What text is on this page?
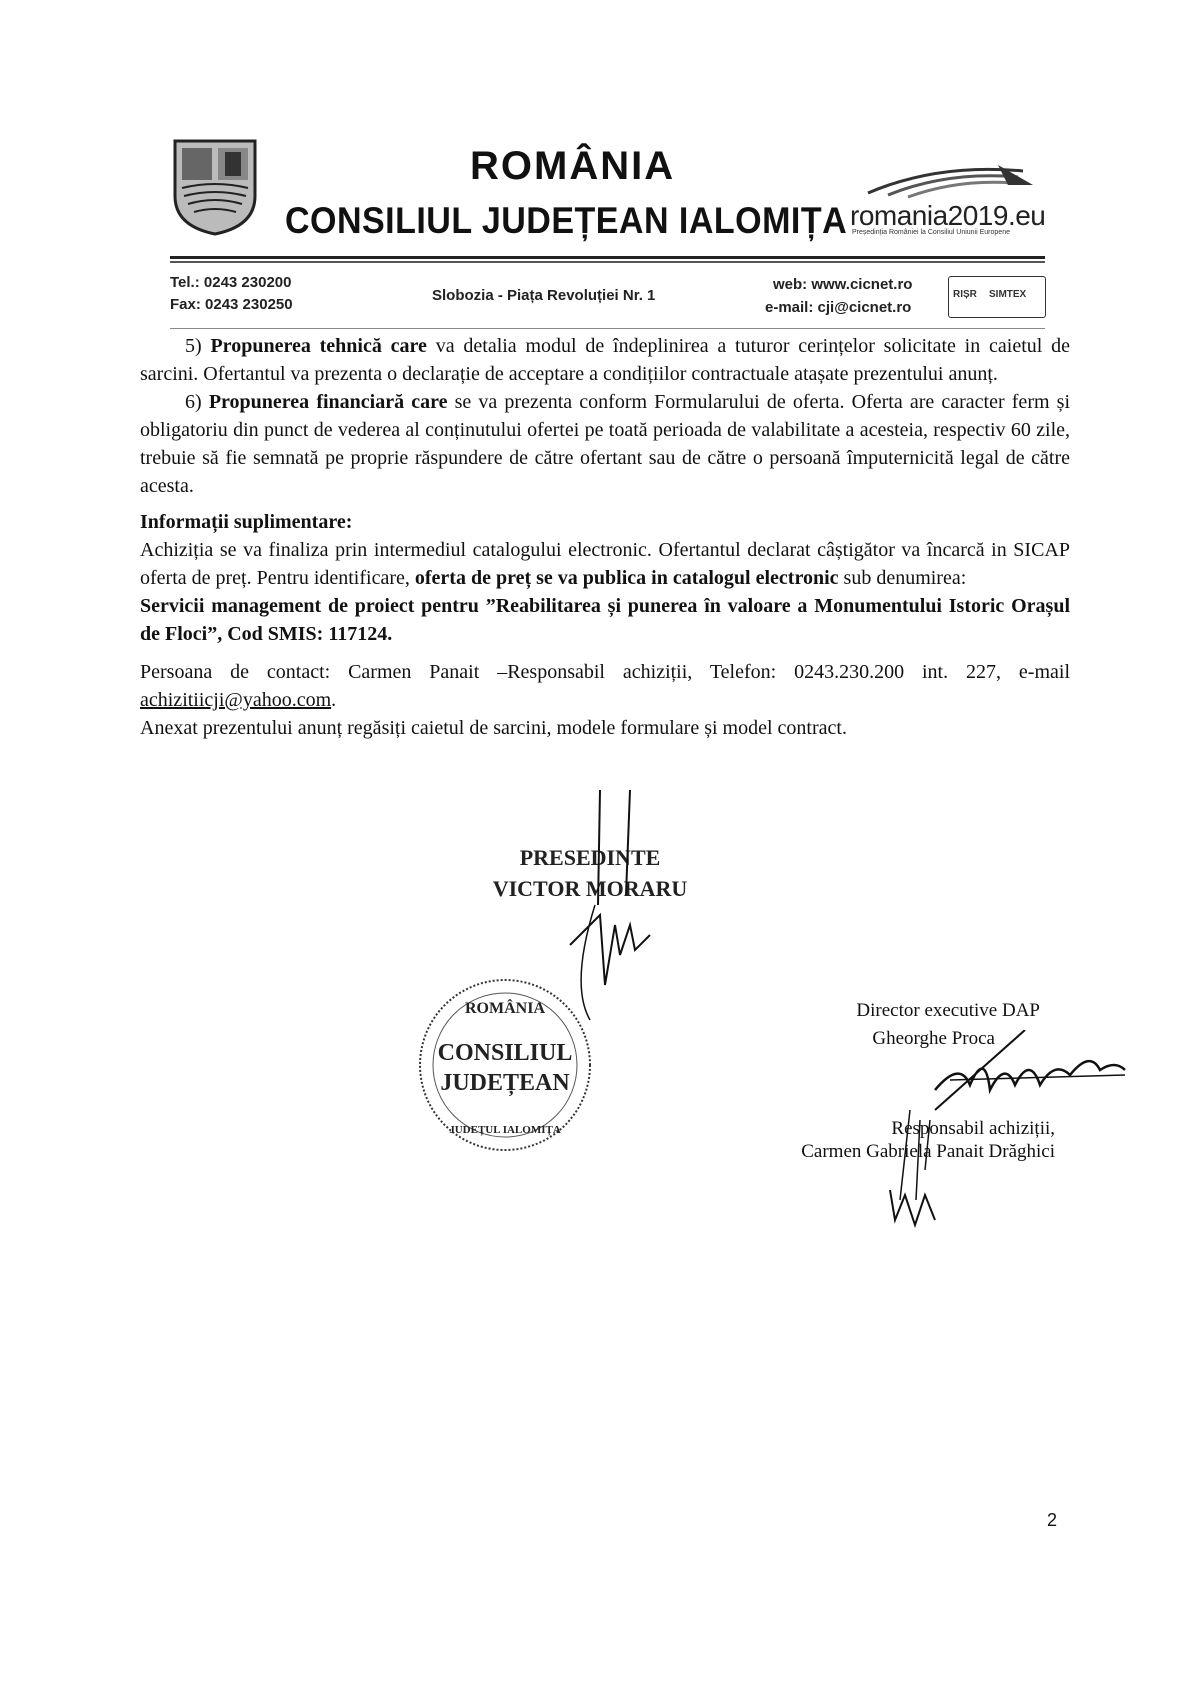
ROMÂNIA
CONSILIUL JUDEȚEAN IALOMIȚA romania2019.eu
Președinția României la Consiliul Uniunii Europene
Tel.: 0243 230200
Fax: 0243 230250
Slobozia - Piața Revoluției Nr. 1
web: www.cicnet.ro
e-mail: cji@cicnet.ro
RIȘR SIMTEX

5) Propunerea tehnică care va detalia modul de îndeplinirea a tuturor cerințelor solicitate in caietul de sarcini. Ofertantul va prezenta o declarație de acceptare a condițiilor contractuale atașate prezentului anunț.

6) Propunerea financiară care se va prezenta conform Formularului de oferta. Oferta are caracter ferm și obligatoriu din punct de vederea al conținutului ofertei pe toată perioada de valabilitate a acesteia, respectiv 60 zile, trebuie să fie semnată pe proprie răspundere de către ofertant sau de către o persoană împuternicită legal de către acesta.

Informații suplimentare:

Achiziția se va finaliza prin intermediul catalogului electronic. Ofertantul declarat câștigător va încarcă in SICAP oferta de preț. Pentru identificare, oferta de preț se va publica in catalogul electronic sub denumirea:

Servicii management de proiect pentru ”Reabilitarea și punerea în valoare a Monumentului Istoric Orașul de Floci”, Cod SMIS: 117124.

Persoana de contact: Carmen Panait –Responsabil achiziții, Telefon: 0243.230.200 int. 227, e-mail achizitiicji@yahoo.com.

Anexat prezentului anunț regăsiți caietul de sarcini, modele formulare și model contract.

PRESEDINTE
VICTOR MORARU
ROMÂNIA
CONSILIUL
JUDEȚEAN
JUDEȚUL IALOMIȚA
Director executive DAP
Gheorghe Proca
Responsabil achiziții,
Carmen Gabriela Panait Drăghici
2
